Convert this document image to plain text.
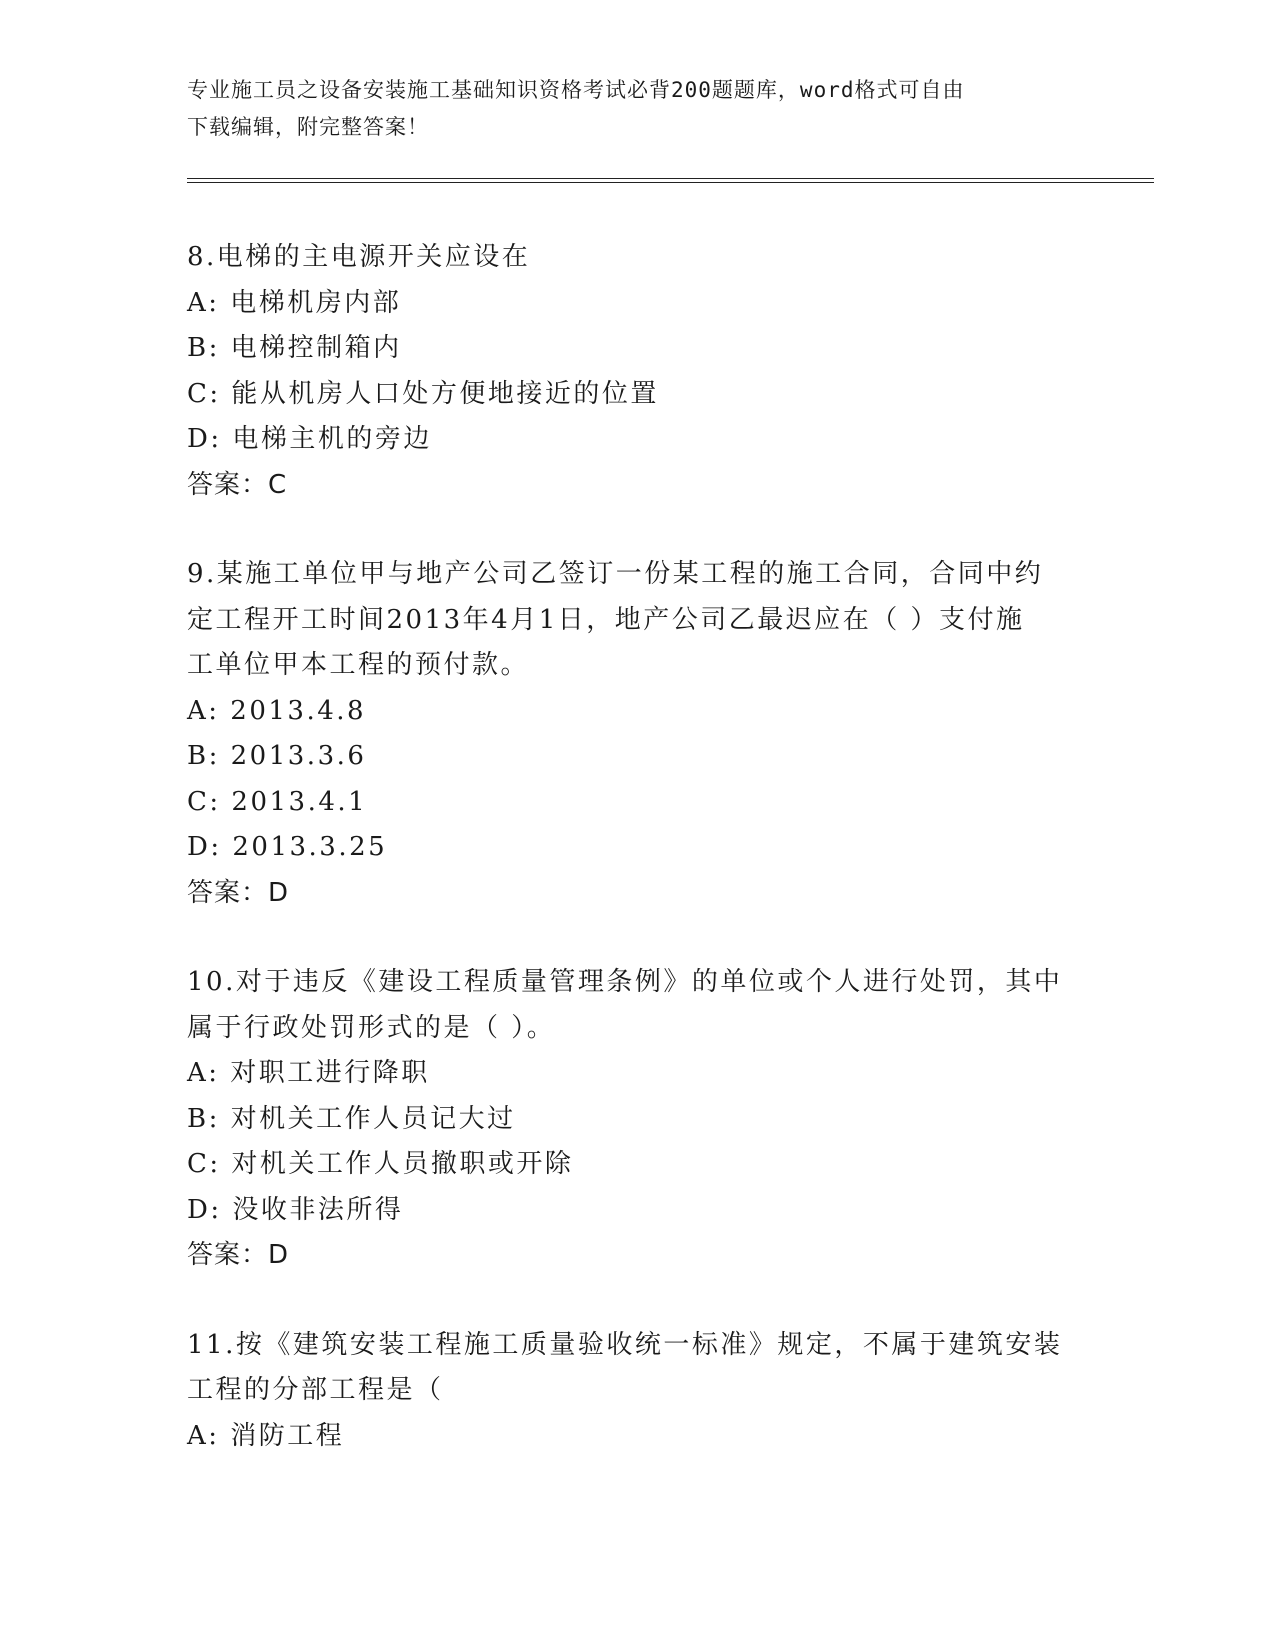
专业施工员之设备安装施工基础知识资格考试必背200题题库，word格式可自由
下载编辑，附完整答案！
8.电梯的主电源开关应设在
A: 电梯机房内部
B: 电梯控制箱内
C: 能从机房人口处方便地接近的位置
D: 电梯主机的旁边
答案：C
9.某施工单位甲与地产公司乙签订一份某工程的施工合同，合同中约
定工程开工时间2013年4月1日，地产公司乙最迟应在（ ）支付施
工单位甲本工程的预付款。
A: 2013.4.8
B: 2013.3.6
C: 2013.4.1
D: 2013.3.25
答案：D
10.对于违反《建设工程质量管理条例》的单位或个人进行处罚，其中
属于行政处罚形式的是（ ）。
A: 对职工进行降职
B: 对机关工作人员记大过
C: 对机关工作人员撤职或开除
D: 没收非法所得
答案：D
11.按《建筑安装工程施工质量验收统一标准》规定，不属于建筑安装
工程的分部工程是（
A: 消防工程
